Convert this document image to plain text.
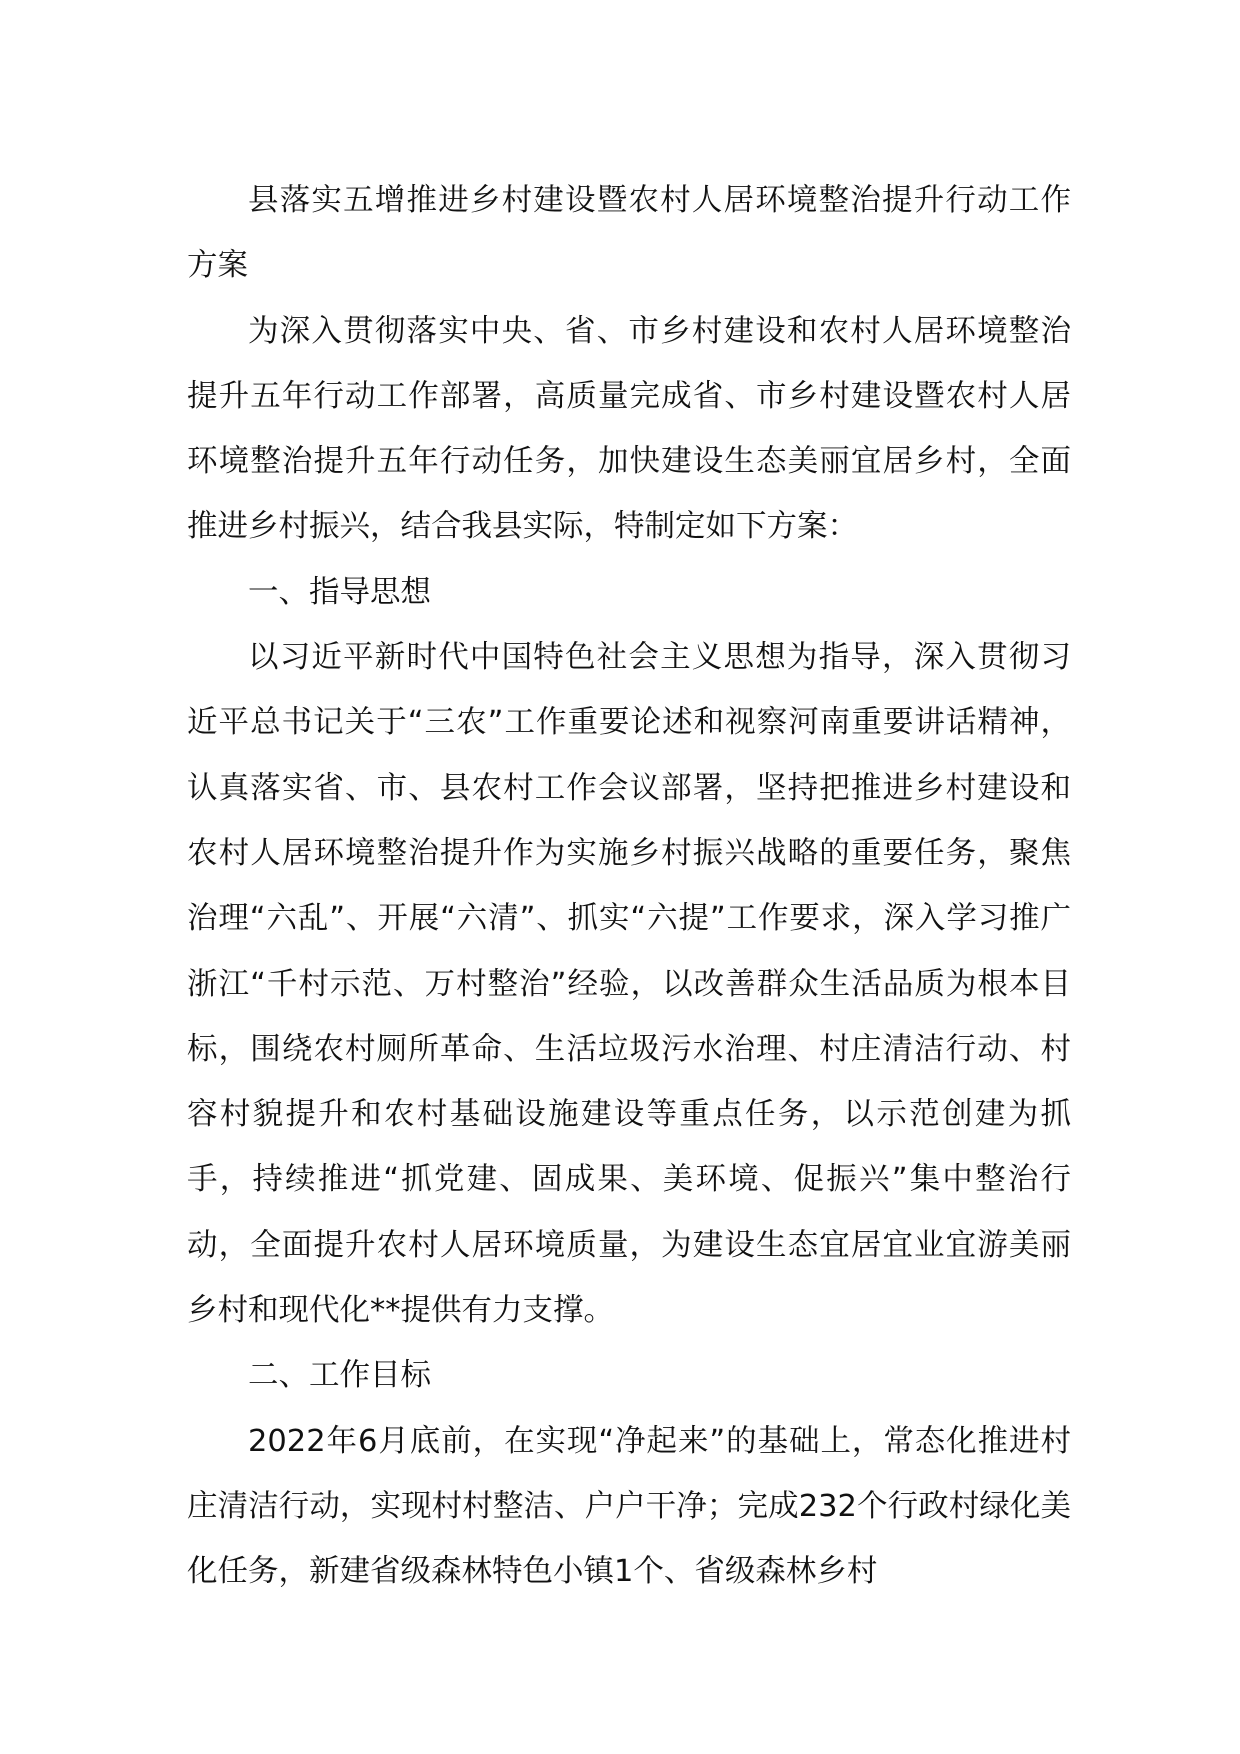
县落实五增推进乡村建设暨农村人居环境整治提升行动工作方案

为深入贯彻落实中央、省、市乡村建设和农村人居环境整治提升五年行动工作部署，高质量完成省、市乡村建设暨农村人居环境整治提升五年行动任务，加快建设生态美丽宜居乡村，全面推进乡村振兴，结合我县实际，特制定如下方案：

一、指导思想

以习近平新时代中国特色社会主义思想为指导，深入贯彻习近平总书记关于“三农”工作重要论述和视察河南重要讲话精神，认真落实省、市、县农村工作会议部署，坚持把推进乡村建设和农村人居环境整治提升作为实施乡村振兴战略的重要任务，聚焦治理“六乱”、开展“六清”、抓实“六提”工作要求，深入学习推广浙江“千村示范、万村整治”经验，以改善群众生活品质为根本目标，围绕农村厕所革命、生活垃圾污水治理、村庄清洁行动、村容村貌提升和农村基础设施建设等重点任务，以示范创建为抓手，持续推进“抓党建、固成果、美环境、促振兴”集中整治行动，全面提升农村人居环境质量，为建设生态宜居宜业宜游美丽乡村和现代化**提供有力支撑。

二、工作目标

2022年6月底前，在实现“净起来”的基础上，常态化推进村庄清洁行动，实现村村整洁、户户干净；完成232个行政村绿化美化任务，新建省级森林特色小镇1个、省级森林乡村
